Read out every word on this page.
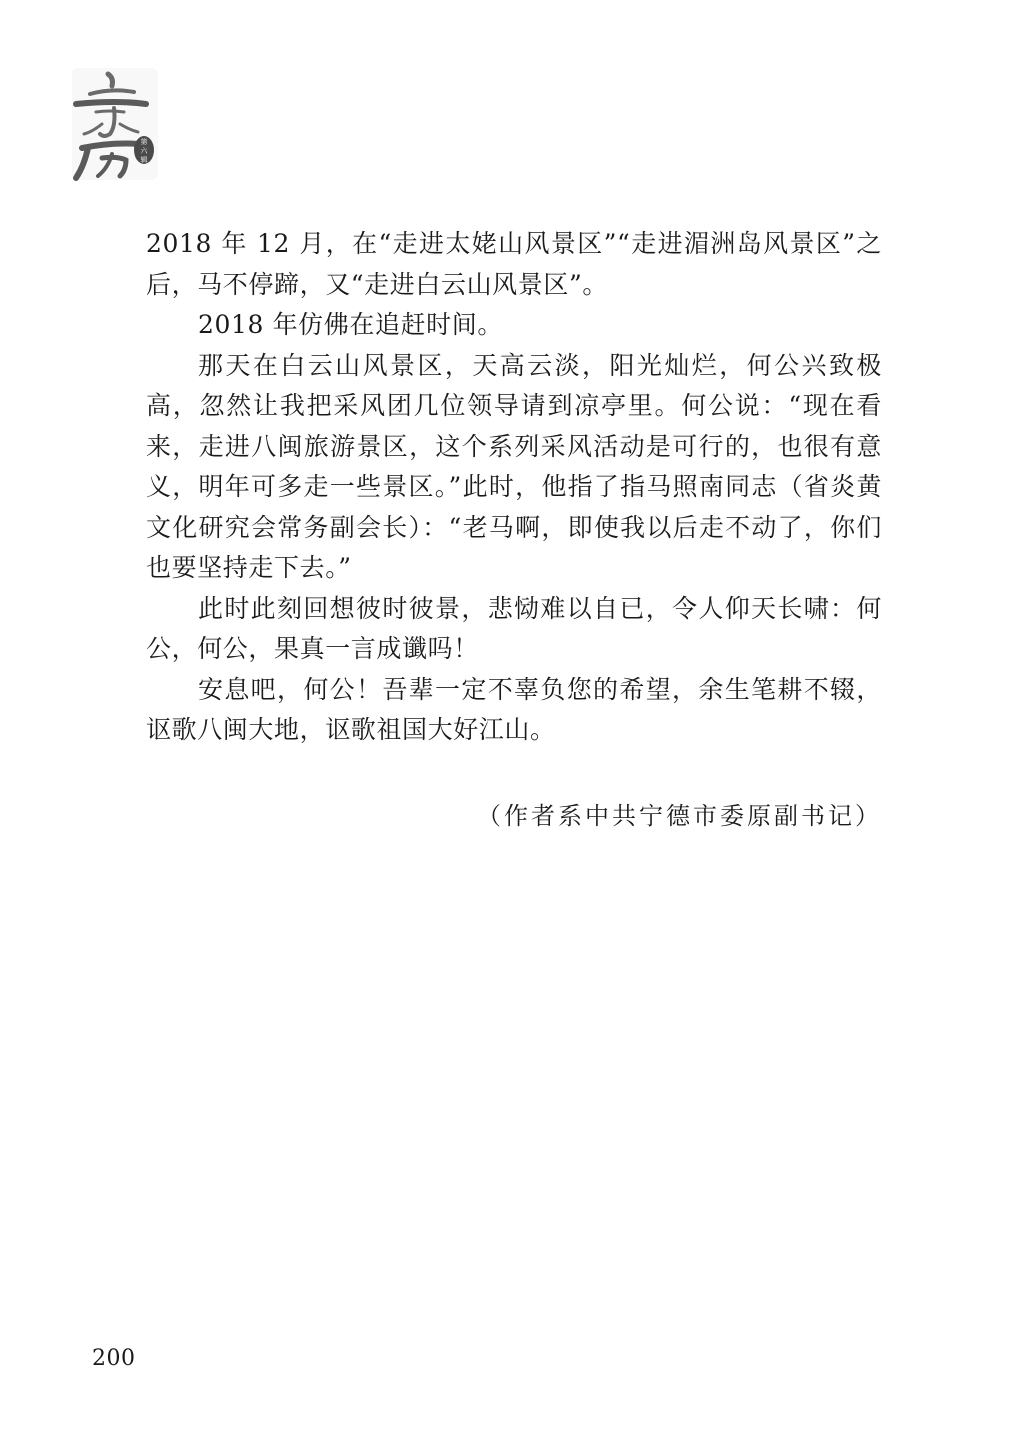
第
六
辑

2018 年 12 月，在“走进太姥山风景区”“走进湄洲岛风景区”之后，马不停蹄，又“走进白云山风景区”。

2018 年仿佛在追赶时间。

那天在白云山风景区，天高云淡，阳光灿烂，何公兴致极高，忽然让我把采风团几位领导请到凉亭里。何公说：“现在看来，走进八闽旅游景区，这个系列采风活动是可行的，也很有意义，明年可多走一些景区。”此时，他指了指马照南同志（省炎黄文化研究会常务副会长）：“老马啊，即使我以后走不动了，你们也要坚持走下去。”

此时此刻回想彼时彼景，悲恸难以自已，令人仰天长啸：何公，何公，果真一言成谶吗！

安息吧，何公！吾辈一定不辜负您的希望，余生笔耕不辍，讴歌八闽大地，讴歌祖国大好江山。

（作者系中共宁德市委原副书记）
200
